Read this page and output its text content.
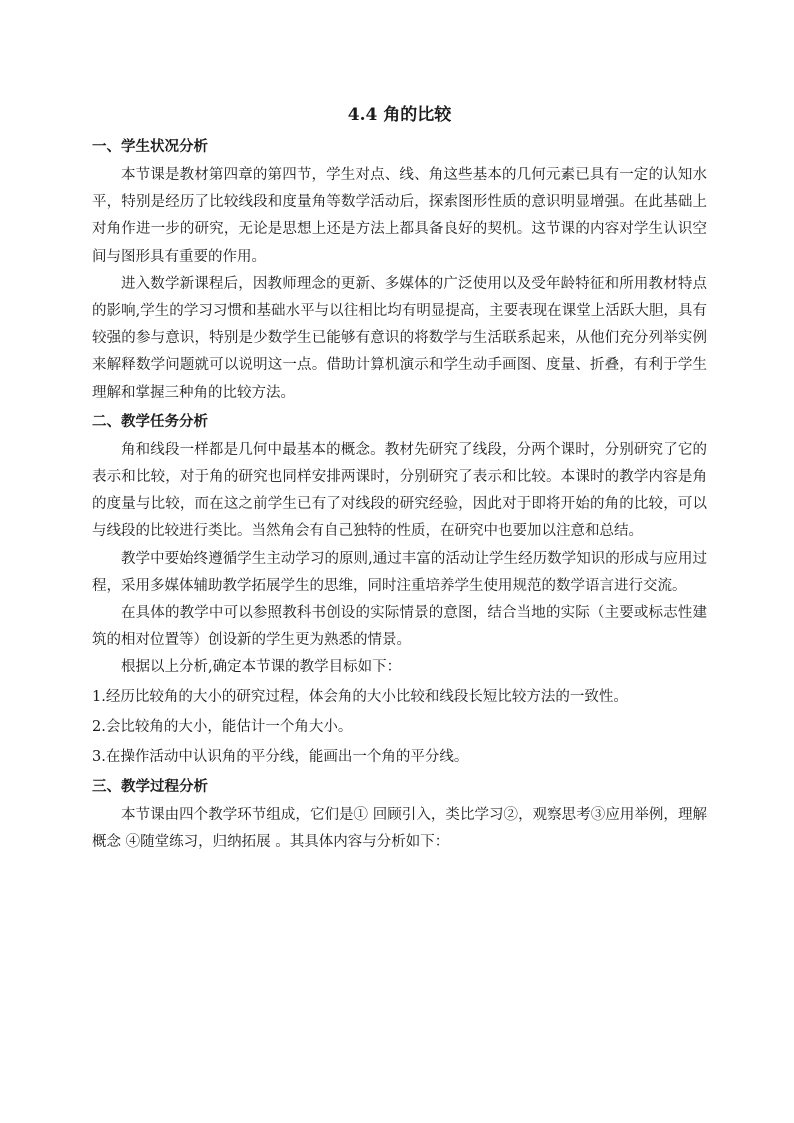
4.4 角的比较
一、学生状况分析

本节课是教材第四章的第四节，学生对点、线、角这些基本的几何元素已具有一定的认知水平，特别是经历了比较线段和度量角等数学活动后，探索图形性质的意识明显增强。在此基础上对角作进一步的研究，无论是思想上还是方法上都具备良好的契机。这节课的内容对学生认识空间与图形具有重要的作用。

进入数学新课程后，因教师理念的更新、多媒体的广泛使用以及受年龄特征和所用教材特点的影响,学生的学习习惯和基础水平与以往相比均有明显提高，主要表现在课堂上活跃大胆，具有较强的参与意识，特别是少数学生已能够有意识的将数学与生活联系起来，从他们充分列举实例来解释数学问题就可以说明这一点。借助计算机演示和学生动手画图、度量、折叠，有利于学生理解和掌握三种角的比较方法。

二、教学任务分析

角和线段一样都是几何中最基本的概念。教材先研究了线段，分两个课时，分别研究了它的表示和比较，对于角的研究也同样安排两课时，分别研究了表示和比较。本课时的教学内容是角的度量与比较，而在这之前学生已有了对线段的研究经验，因此对于即将开始的角的比较，可以与线段的比较进行类比。当然角会有自己独特的性质，在研究中也要加以注意和总结。

教学中要始终遵循学生主动学习的原则,通过丰富的活动让学生经历数学知识的形成与应用过程，采用多媒体辅助教学拓展学生的思维，同时注重培养学生使用规范的数学语言进行交流。

在具体的教学中可以参照教科书创设的实际情景的意图，结合当地的实际（主要或标志性建筑的相对位置等）创设新的学生更为熟悉的情景。

根据以上分析,确定本节课的教学目标如下：

1.经历比较角的大小的研究过程，体会角的大小比较和线段长短比较方法的一致性。

2.会比较角的大小，能估计一个角大小。

3.在操作活动中认识角的平分线，能画出一个角的平分线。

三、教学过程分析

本节课由四个教学环节组成，它们是① 回顾引入，类比学习②，观察思考③应用举例，理解概念 ④随堂练习，归纳拓展 。其具体内容与分析如下：
